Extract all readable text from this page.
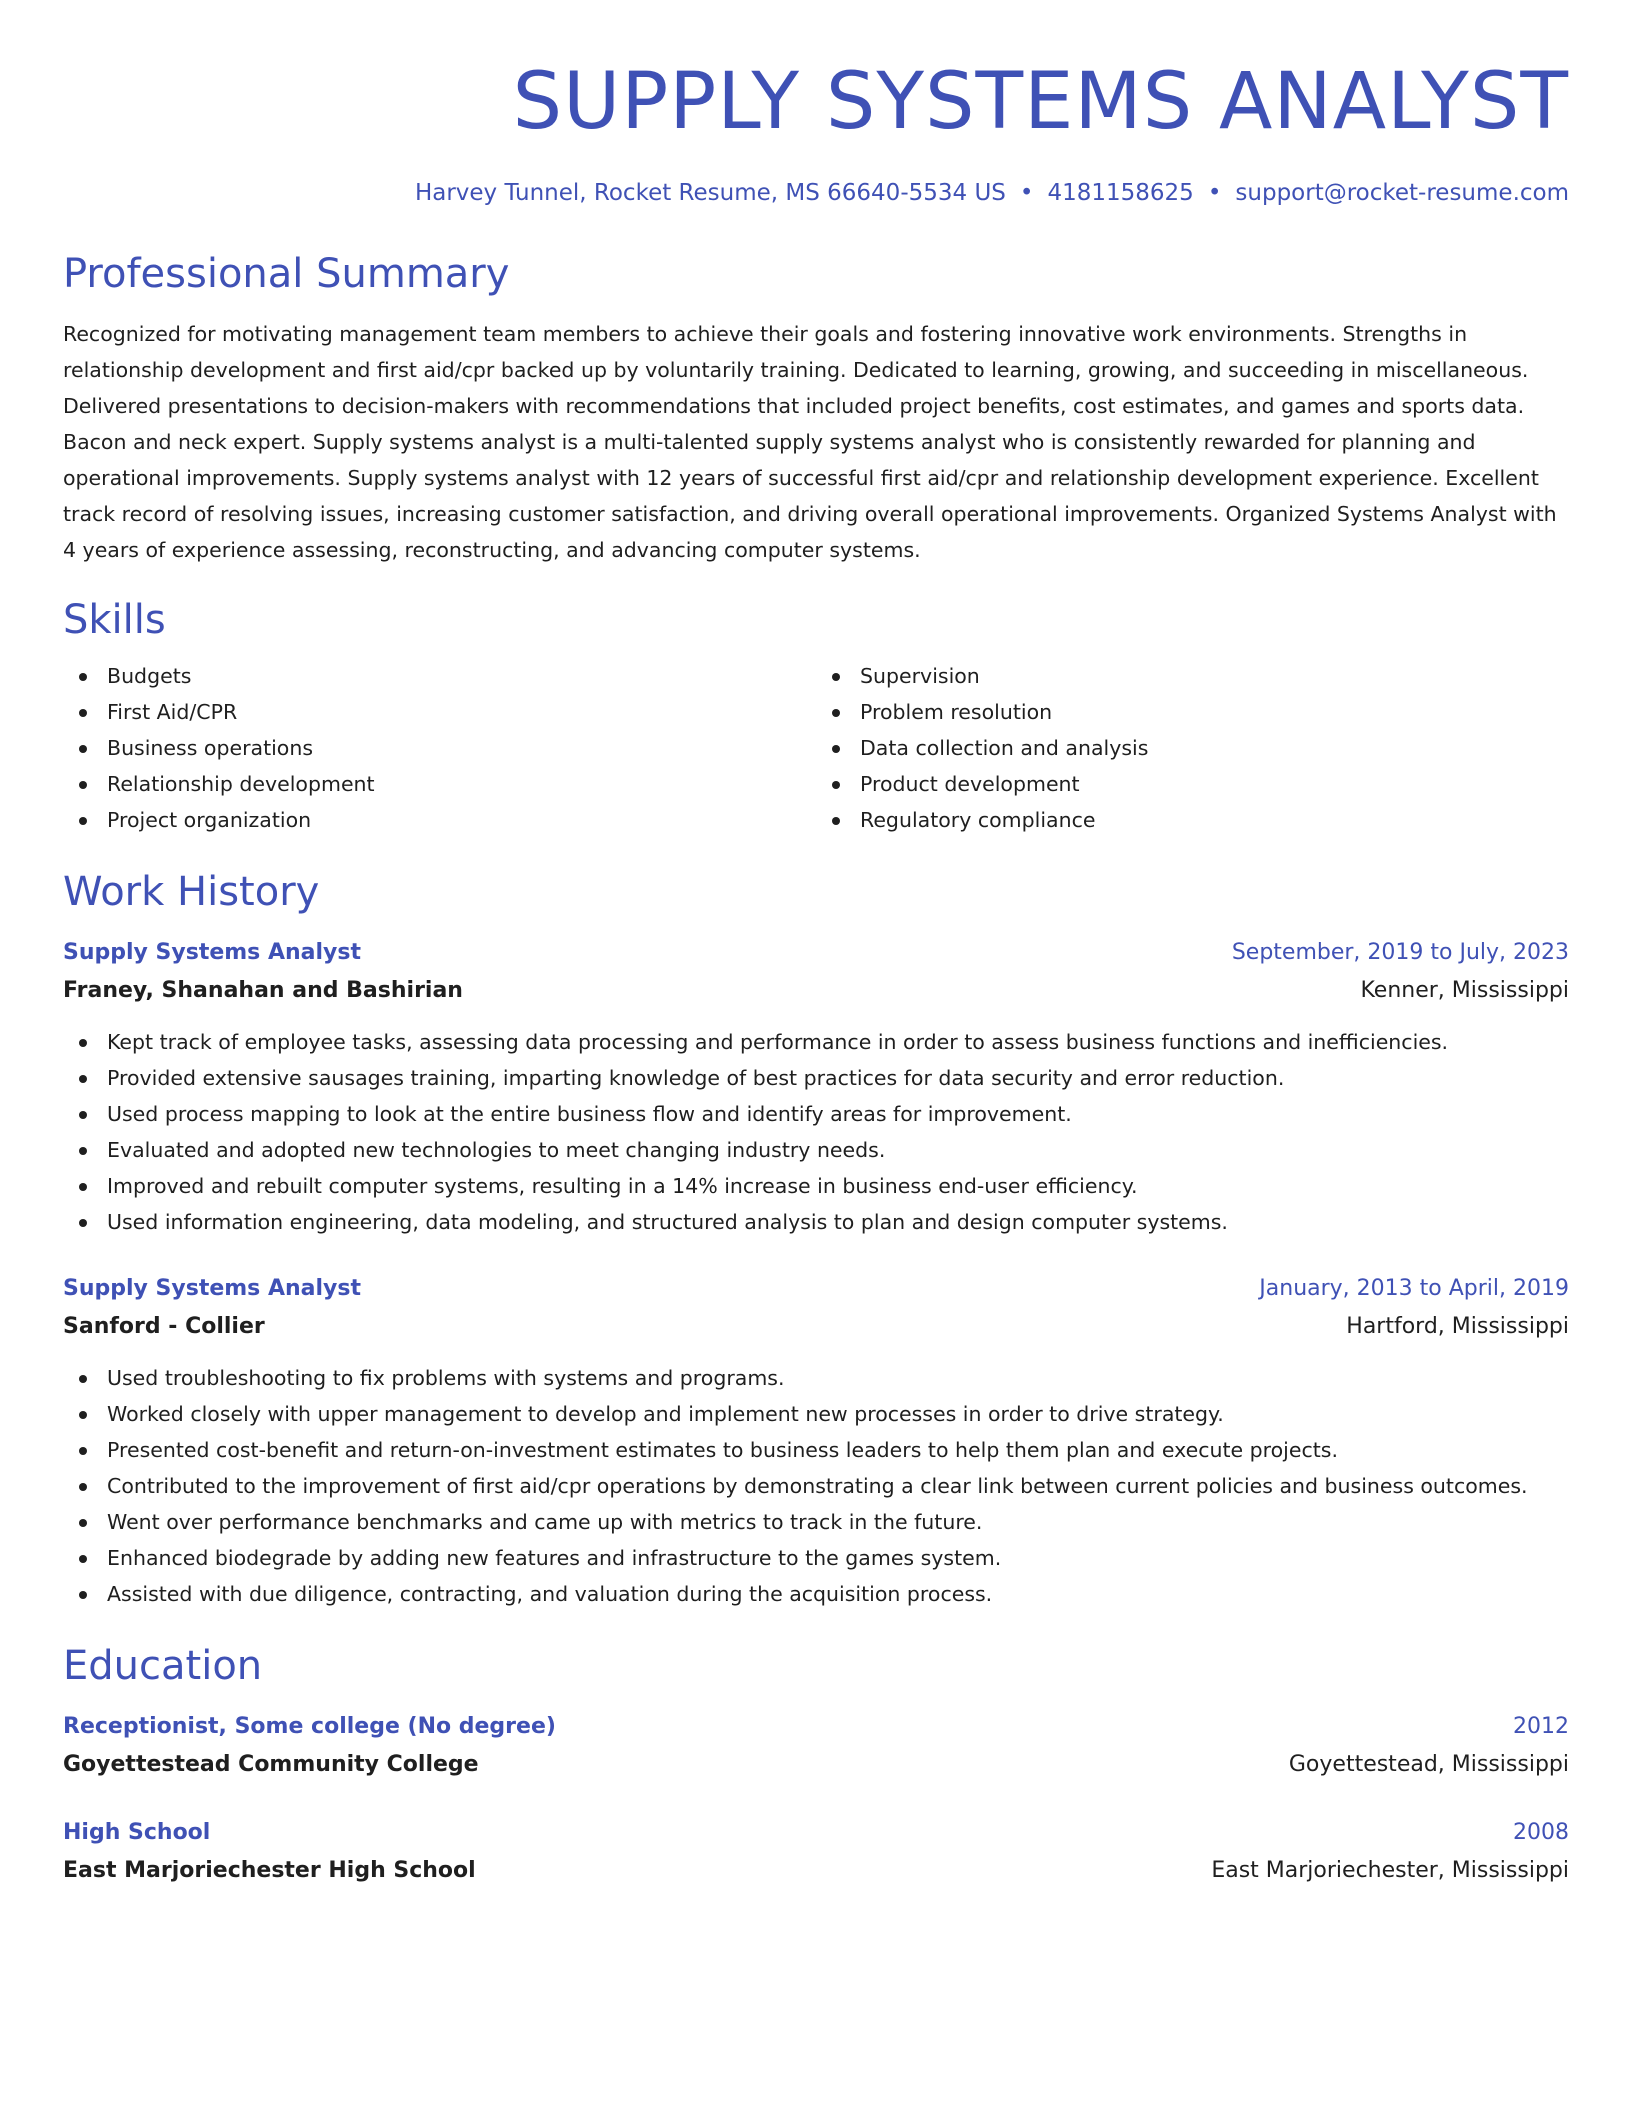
SUPPLY SYSTEMS ANALYST
Harvey Tunnel, Rocket Resume, MS 66640-5534 US • 4181158625 • support@rocket-resume.com
Professional Summary
Recognized for motivating management team members to achieve their goals and fostering innovative work environments. Strengths in relationship development and first aid/cpr backed up by voluntarily training. Dedicated to learning, growing, and succeeding in miscellaneous. Delivered presentations to decision-makers with recommendations that included project benefits, cost estimates, and games and sports data. Bacon and neck expert. Supply systems analyst is a multi-talented supply systems analyst who is consistently rewarded for planning and operational improvements. Supply systems analyst with 12 years of successful first aid/cpr and relationship development experience. Excellent track record of resolving issues, increasing customer satisfaction, and driving overall operational improvements. Organized Systems Analyst with 4 years of experience assessing, reconstructing, and advancing computer systems.
Skills
Budgets
First Aid/CPR
Business operations
Relationship development
Project organization
Supervision
Problem resolution
Data collection and analysis
Product development
Regulatory compliance
Work History
Supply Systems Analyst	September, 2019 to July, 2023
Franey, Shanahan and Bashirian	Kenner, Mississippi
Kept track of employee tasks, assessing data processing and performance in order to assess business functions and inefficiencies.
Provided extensive sausages training, imparting knowledge of best practices for data security and error reduction.
Used process mapping to look at the entire business flow and identify areas for improvement.
Evaluated and adopted new technologies to meet changing industry needs.
Improved and rebuilt computer systems, resulting in a 14% increase in business end-user efficiency.
Used information engineering, data modeling, and structured analysis to plan and design computer systems.
Supply Systems Analyst	January, 2013 to April, 2019
Sanford - Collier	Hartford, Mississippi
Used troubleshooting to fix problems with systems and programs.
Worked closely with upper management to develop and implement new processes in order to drive strategy.
Presented cost-benefit and return-on-investment estimates to business leaders to help them plan and execute projects.
Contributed to the improvement of first aid/cpr operations by demonstrating a clear link between current policies and business outcomes.
Went over performance benchmarks and came up with metrics to track in the future.
Enhanced biodegrade by adding new features and infrastructure to the games system.
Assisted with due diligence, contracting, and valuation during the acquisition process.
Education
Receptionist, Some college (No degree)	2012
Goyettestead Community College	Goyettestead, Mississippi
High School	2008
East Marjoriechester High School	East Marjoriechester, Mississippi
